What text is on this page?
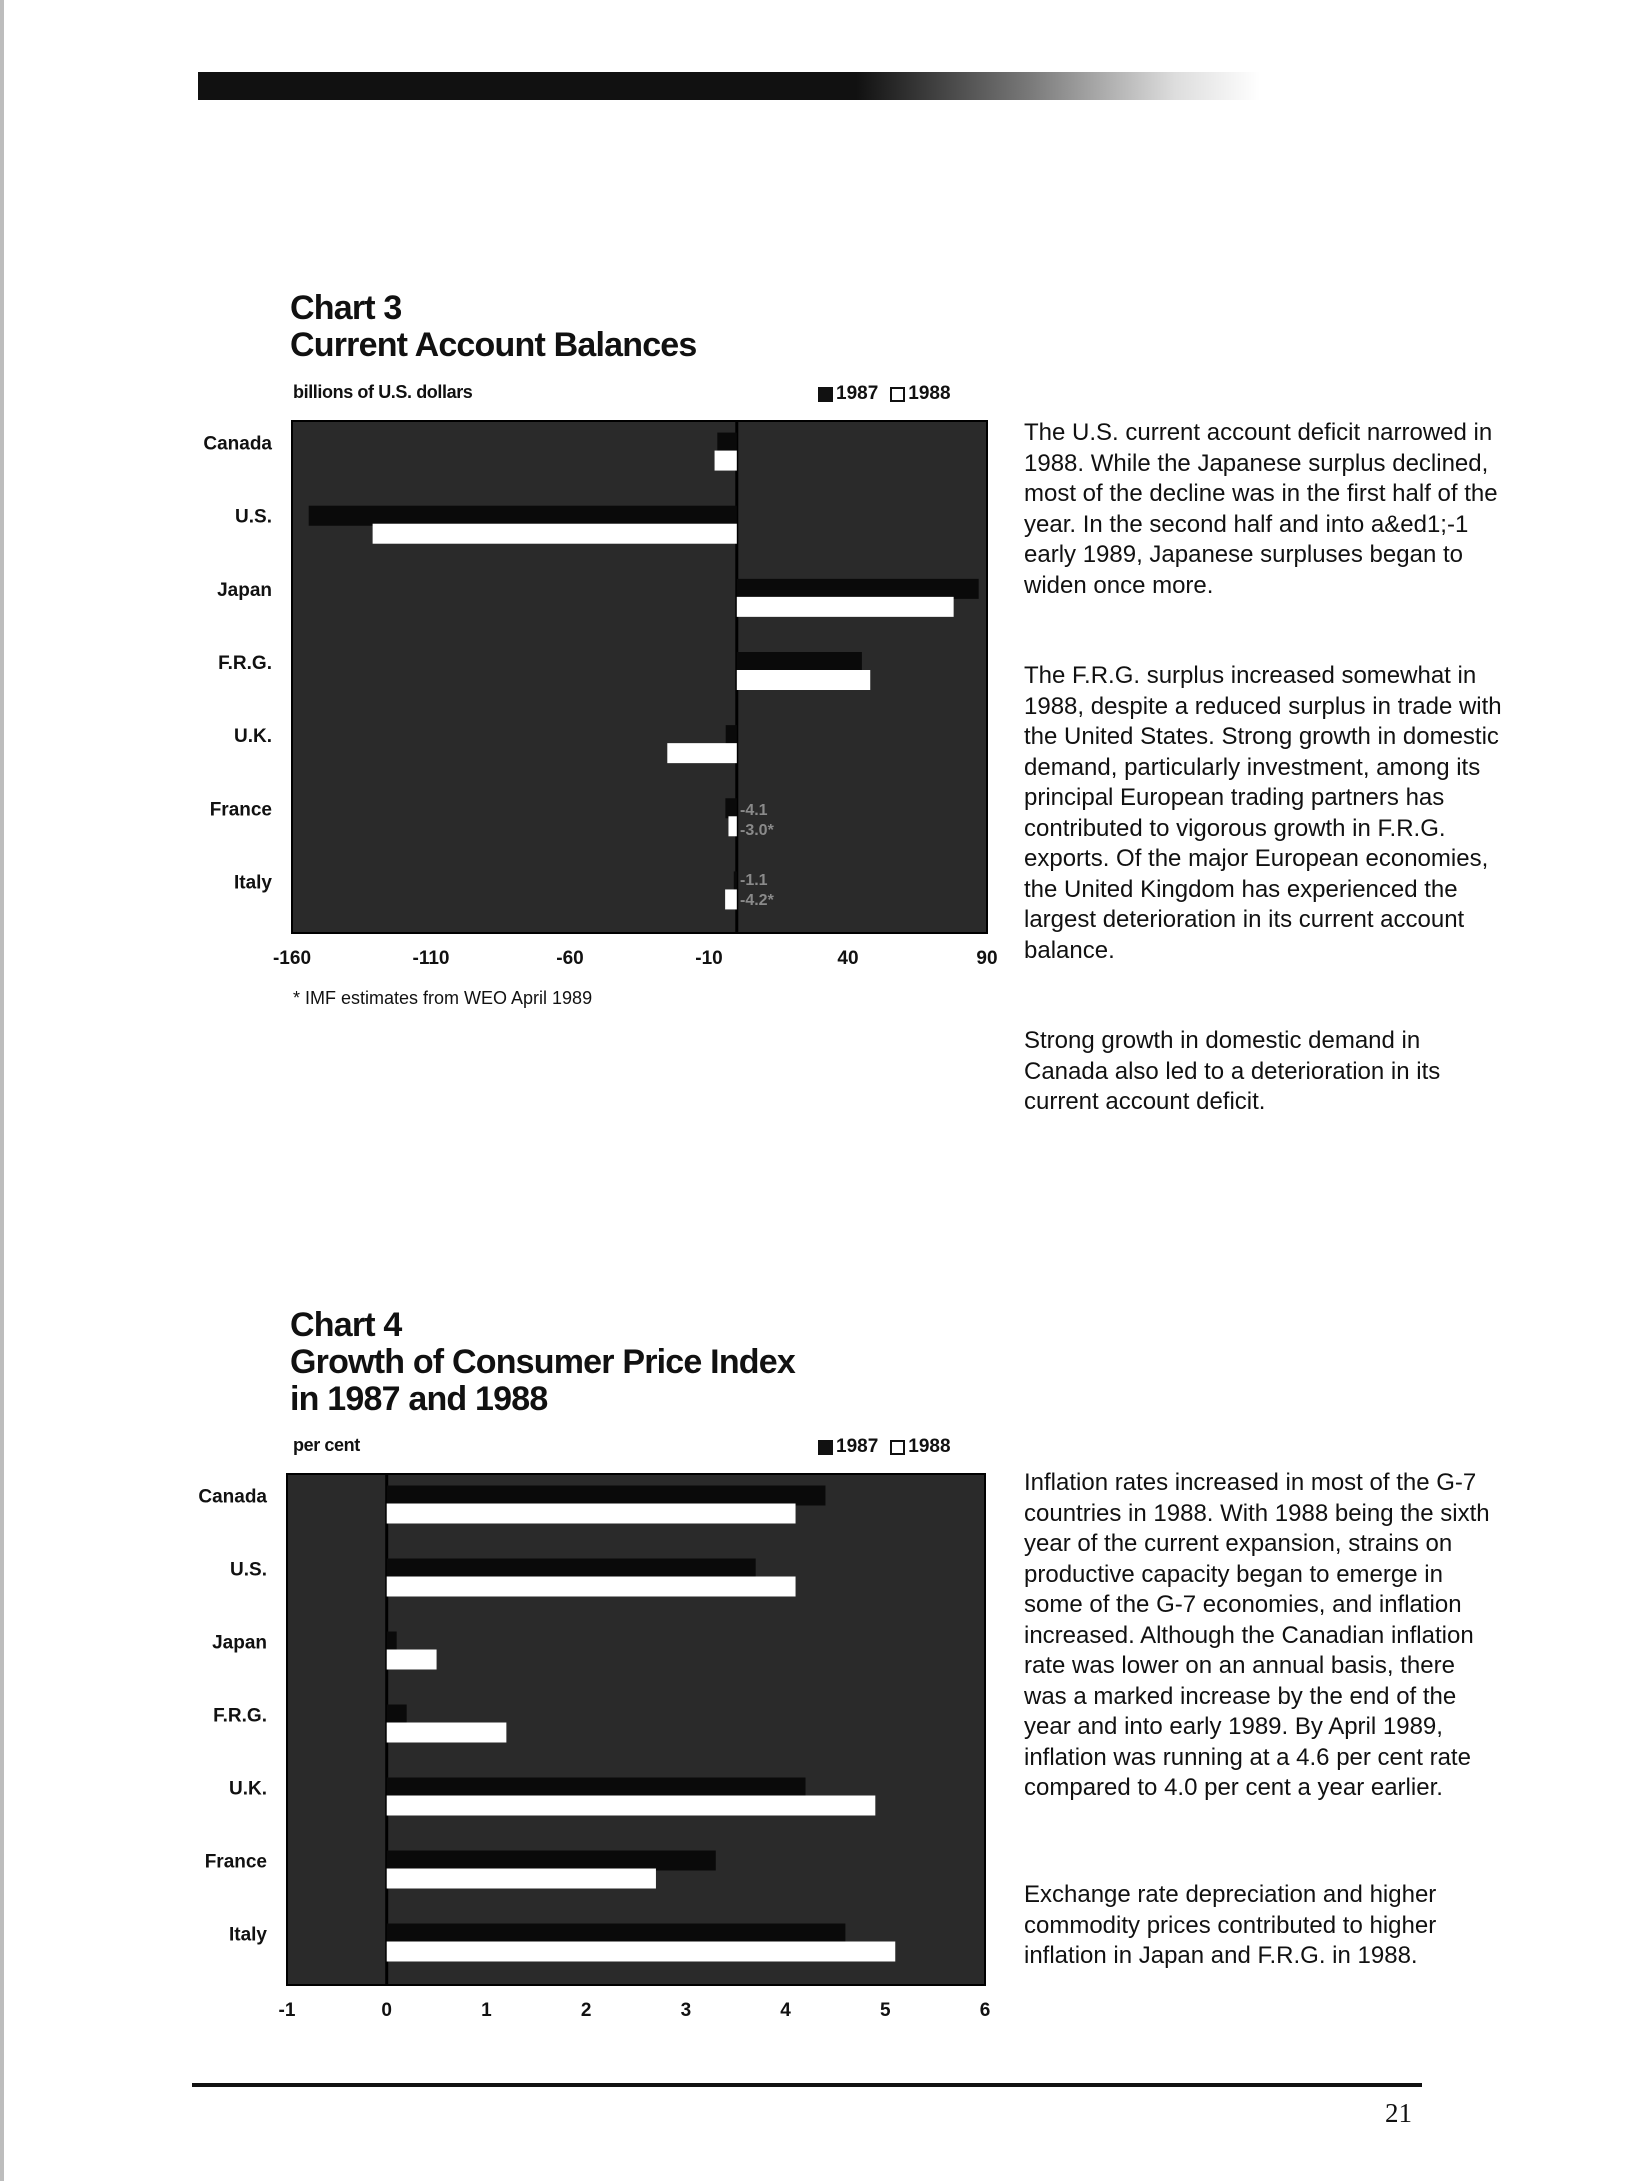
Chart 3
Current Account Balances
billions of U.S. dollars	1987 1988
Canada
U.S.
Japan
F.R.G.
U.K.
France
Italy
-160	-110	-60	-10	40	90
-4.1
-3.0*
-1.1
-4.2*
* IMF estimates from WEO April 1989
Chart 4
Growth of Consumer Price Index
in 1987 and 1988
per cent	1987 1988
Canada
U.S.
Japan
F.R.G.
U.K.
France
Italy
-1	0	1	2	3	4	5	6

The U.S. current account deficit narrowed in 1988. While the Japanese surplus declined, most of the decline was in the first half of the year. In the second half and into a&ed1;-1 early 1989, Japanese surpluses began to widen once more.

The F.R.G. surplus increased somewhat in 1988, despite a reduced surplus in trade with the United States. Strong growth in domestic demand, particularly investment, among its principal European trading partners has contributed to vigorous growth in F.R.G. exports. Of the major European economies, the United Kingdom has experienced the largest deterioration in its current account balance.

Strong growth in domestic demand in Canada also led to a deterioration in its current account deficit.

Inflation rates increased in most of the G-7 countries in 1988. With 1988 being the sixth year of the current expansion, strains on productive capacity began to emerge in some of the G-7 economies, and inflation increased. Although the Canadian inflation rate was lower on an annual basis, there was a marked increase by the end of the year and into early 1989. By April 1989, inflation was running at a 4.6 per cent rate compared to 4.0 per cent a year earlier.

Exchange rate depreciation and higher commodity prices contributed to higher inflation in Japan and F.R.G. in 1988.

21
